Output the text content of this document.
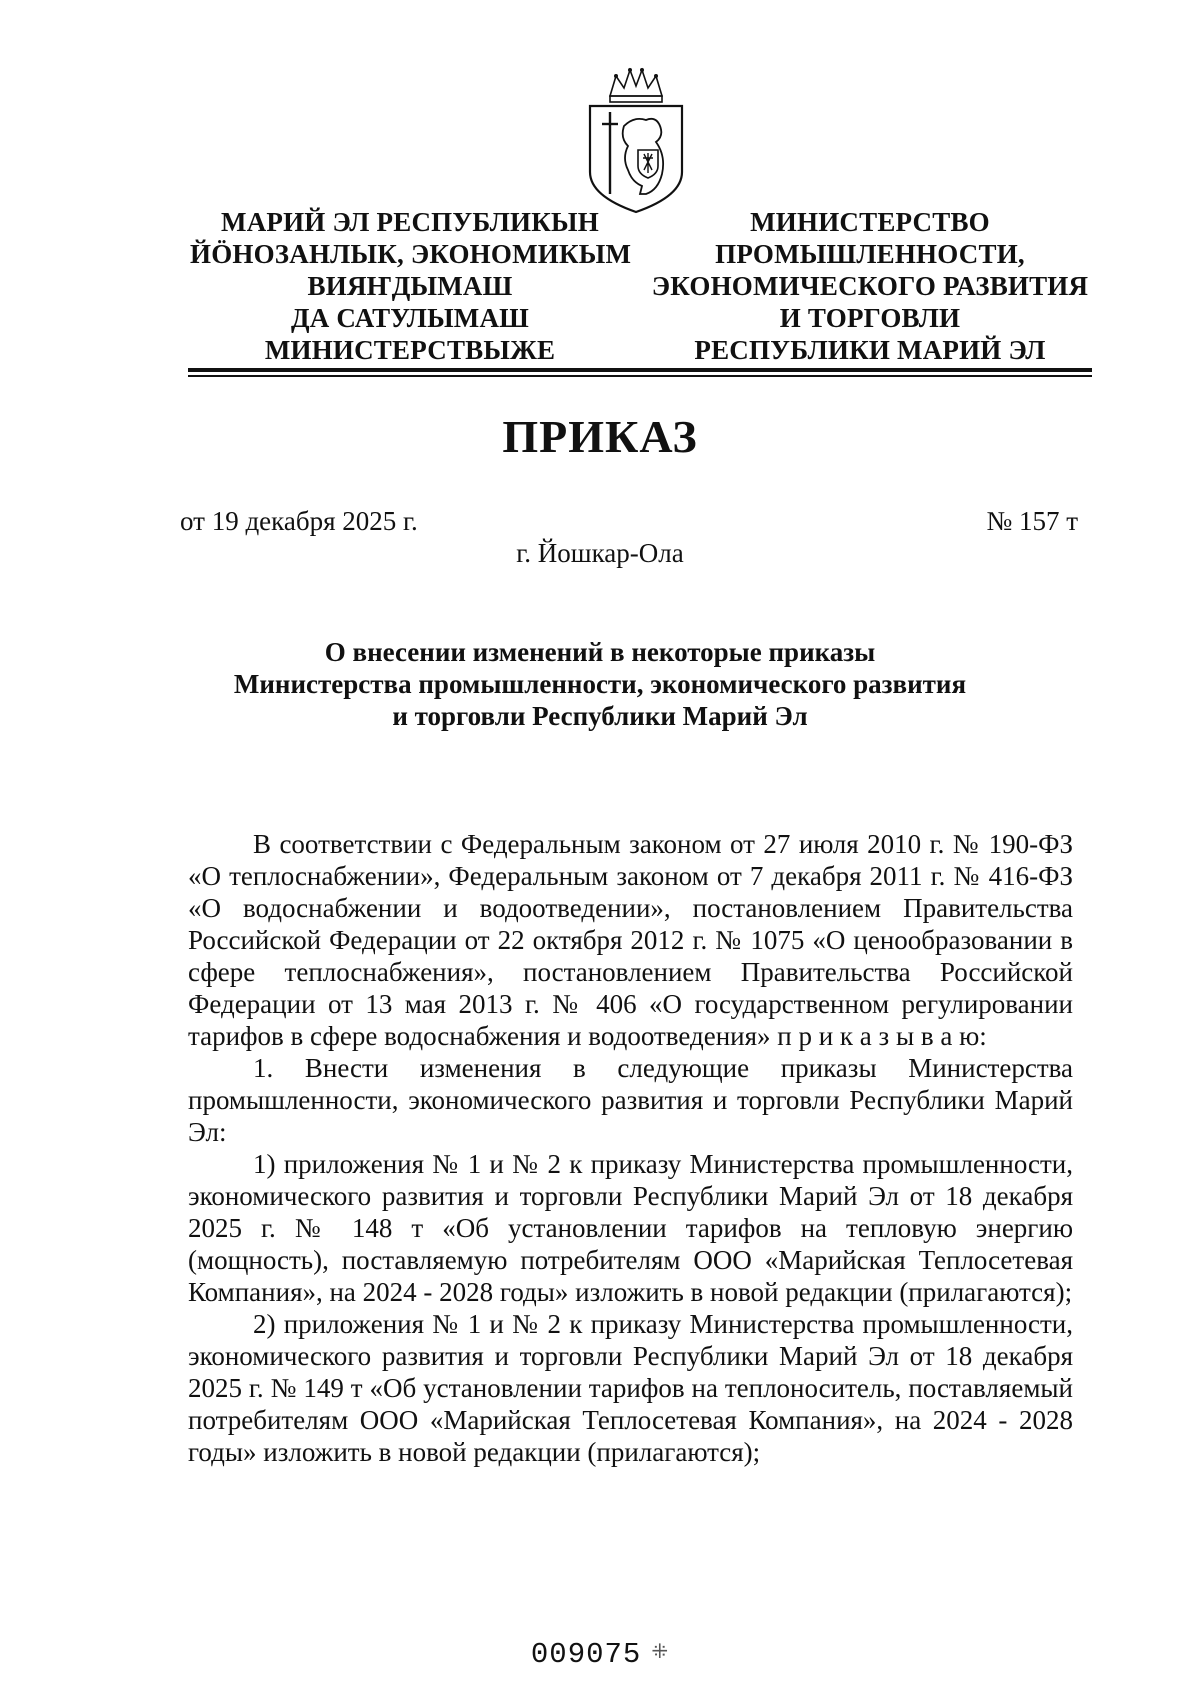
МАРИЙ ЭЛ РЕСПУБЛИКЫН
ЙÖНОЗАНЛЫК, ЭКОНОМИКЫМ
ВИЯҤДЫМАШ
ДА САТУЛЫМАШ
МИНИСТЕРСТВЫЖЕ
МИНИСТЕРСТВО
ПРОМЫШЛЕННОСТИ,
ЭКОНОМИЧЕСКОГО РАЗВИТИЯ
И ТОРГОВЛИ
РЕСПУБЛИКИ МАРИЙ ЭЛ
ПРИКАЗ
от 19 декабря 2025 г.	№ 157 т
г. Йошкар-Ола
О внесении изменений в некоторые приказы
Министерства промышленности, экономического развития
и торговли Республики Марий Эл

В соответствии с Федеральным законом от 27 июля 2010 г. № 190-ФЗ «О теплоснабжении», Федеральным законом от 7 декабря 2011 г. № 416-ФЗ «О водоснабжении и водоотведении», постановлением Правительства Российской Федерации от 22 октября 2012 г. № 1075 «О ценообразовании в сфере теплоснабжения», постановлением Правительства Российской Федерации от 13 мая 2013 г. № 406 «О государственном регулировании тарифов в сфере водоснабжения и водоотведения» п р и к а з ы в а ю:

1. Внести изменения в следующие приказы Министерства промышленности, экономического развития и торговли Республики Марий Эл:

1) приложения № 1 и № 2 к приказу Министерства промышленности, экономического развития и торговли Республики Марий Эл от 18 декабря 2025 г. № 148 т «Об установлении тарифов на тепловую энергию (мощность), поставляемую потребителям ООО «Марийская Теплосетевая Компания», на 2024 - 2028 годы» изложить в новой редакции (прилагаются);

2) приложения № 1 и № 2 к приказу Министерства промышленности, экономического развития и торговли Республики Марий Эл от 18 декабря 2025 г. № 149 т «Об установлении тарифов на теплоноситель, поставляемый потребителям ООО «Марийская Теплосетевая Компания», на 2024 - 2028 годы» изложить в новой редакции (прилагаются);

009075 ⁜
